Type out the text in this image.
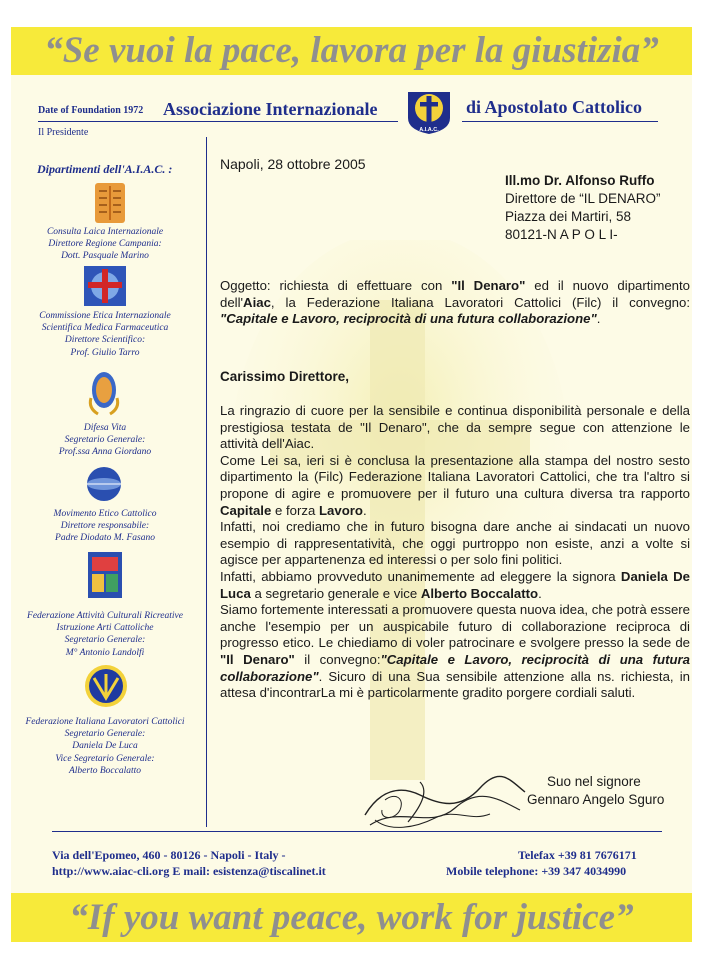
“Se vuoi la pace, lavora per la giustizia”
Date of Foundation 1972 Associazione Internazionale	di Apostolato Cattolico
Il Presidente	A.I.A.C.
Dipartimenti dell'A.I.A.C. :
Consulta Laica Internazionale
Direttore Regione Campania:
Dott. Pasquale Marino
Commissione Etica Internazionale
Scientifica Medica Farmaceutica
Direttore Scientifico:
Prof. Giulio Tarro
Difesa Vita
Segretario Generale:
Prof.ssa Anna Giordano
Movimento Etico Cattolico
Direttore responsabile:
Padre Diodato M. Fasano
Federazione Attività Culturali Ricreative
Istruzione Arti Cattoliche
Segretario Generale:
M° Antonio Landolfi
Federazione Italiana Lavoratori Cattolici
Segretario Generale:
Daniela De Luca
Vice Segretario Generale:
Alberto Boccalatto
Napoli, 28 ottobre 2005
Ill.mo Dr. Alfonso Ruffo
Direttore de “IL DENARO”
Piazza dei Martiri, 58
80121-N A P O L I-
Oggetto: richiesta di effettuare con "Il Denaro" ed il nuovo dipartimento dell'Aiac, la Federazione Italiana Lavoratori Cattolici (Filc) il convegno: "Capitale e Lavoro, reciprocità di una futura collaborazione".
Carissimo Direttore,
La ringrazio di cuore per la sensibile e continua disponibilità personale e della prestigiosa testata de "Il Denaro", che da sempre segue con attenzione le attività dell'Aiac.
Come Lei sa, ieri si è conclusa la presentazione alla stampa del nostro sesto dipartimento la (Filc) Federazione Italiana Lavoratori Cattolici, che tra l'altro si propone di agire e promuovere per il futuro una cultura diversa tra rapporto Capitale e forza Lavoro.
Infatti, noi crediamo che in futuro bisogna dare anche ai sindacati un nuovo esempio di rappresentatività, che oggi purtroppo non esiste, anzi a volte si agisce per appartenenza ed interessi o per solo fini politici.
Infatti, abbiamo provveduto unanimemente ad eleggere la signora Daniela De Luca a segretario generale e vice Alberto Boccalatto.
Siamo fortemente interessati a promuovere questa nuova idea, che potrà essere anche l'esempio per un auspicabile futuro di collaborazione reciproca di progresso etico. Le chiediamo di voler patrocinare e svolgere presso la sede de "Il Denaro" il convegno:"Capitale e Lavoro, reciprocità di una futura collaborazione". Sicuro di una Sua sensibile attenzione alla ns. richiesta, in attesa d'incontrarLa mi è particolarmente gradito porgere cordiali saluti.
Suo nel signore
Gennaro Angelo Sguro
Via dell'Epomeo, 460 - 80126 - Napoli - Italy -
http://www.aiac-cli.org E mail: esistenza@tiscalinet.it
Telefax +39 81 7676171
Mobile telephone: +39 347 4034990
“If you want peace, work for justice”
